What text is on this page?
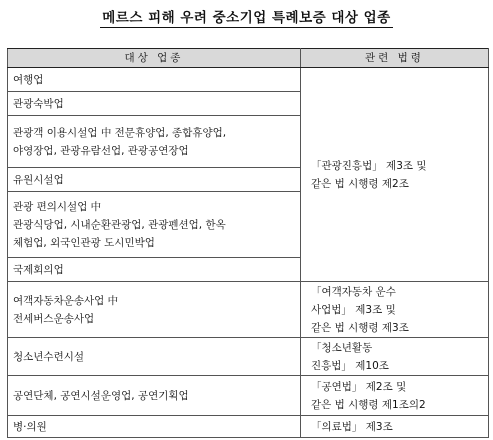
메르스 피해 우려 중소기업 특례보증 대상 업종
대상 업종	관련 법령

여행업	「관광진흥법」 제3조 및
같은 법 시행령 제2조

관광숙박업	

관광객 이용시설업 中 전문휴양업, 종합휴양업,
야영장업, 관광유람선업, 관광공연장업	

유원시설업	

관광 편의시설업 中
관광식당업, 시내순환관광업, 관광펜션업, 한옥
체험업, 외국인관광 도시민박업	

국제회의업	

여객자동차운송사업 中
전세버스운송사업	「여객자동차 운수
사업법」 제3조 및
같은 법 시행령 제3조

청소년수련시설	「청소년활동
진흥법」 제10조

공연단체, 공연시설운영업, 공연기획업	「공연법」 제2조 및
같은 법 시행령 제1조의2

병·의원	「의료법」 제3조
